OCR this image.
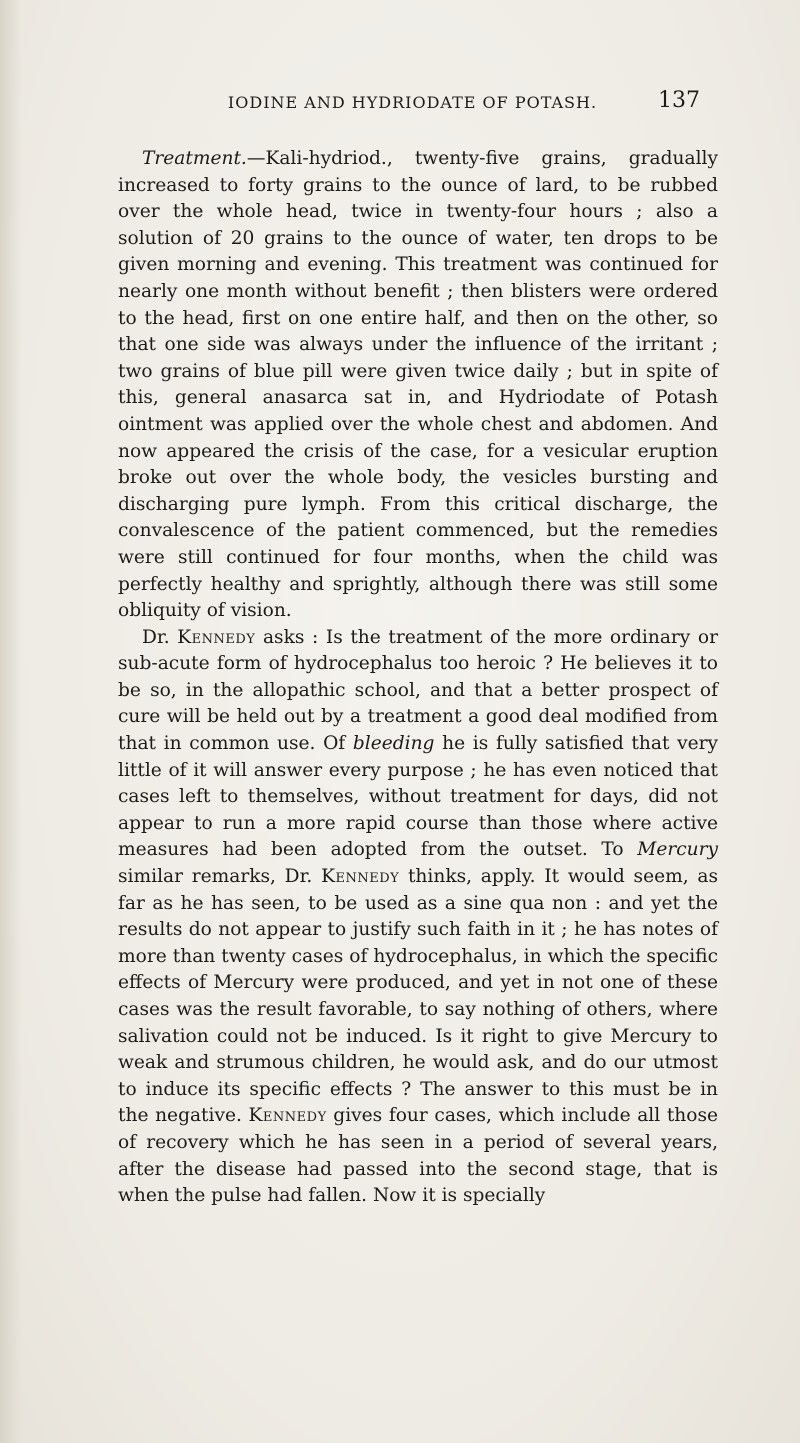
IODINE AND HYDRIODATE OF POTASH.	137

Treatment.—Kali-hydriod., twenty-five grains, gradually increased to forty grains to the ounce of lard, to be rubbed over the whole head, twice in twenty-four hours ; also a solution of 20 grains to the ounce of water, ten drops to be given morning and evening. This treatment was continued for nearly one month without benefit ; then blisters were ordered to the head, first on one entire half, and then on the other, so that one side was always under the influence of the irritant ; two grains of blue pill were given twice daily ; but in spite of this, general anasarca sat in, and Hydriodate of Potash ointment was applied over the whole chest and abdomen. And now appeared the crisis of the case, for a vesicular eruption broke out over the whole body, the vesicles bursting and discharging pure lymph. From this critical discharge, the convalescence of the patient commenced, but the remedies were still continued for four months, when the child was perfectly healthy and sprightly, although there was still some obliquity of vision.

Dr. Kennedy asks : Is the treatment of the more ordinary or sub-acute form of hydrocephalus too heroic ? He believes it to be so, in the allopathic school, and that a better prospect of cure will be held out by a treatment a good deal modified from that in common use. Of bleeding he is fully satisfied that very little of it will answer every purpose ; he has even noticed that cases left to themselves, without treatment for days, did not appear to run a more rapid course than those where active measures had been adopted from the outset. To Mercury similar remarks, Dr. Kennedy thinks, apply. It would seem, as far as he has seen, to be used as a sine qua non : and yet the results do not appear to justify such faith in it ; he has notes of more than twenty cases of hydrocephalus, in which the specific effects of Mercury were produced, and yet in not one of these cases was the result favorable, to say nothing of others, where salivation could not be induced. Is it right to give Mercury to weak and strumous children, he would ask, and do our utmost to induce its specific effects ? The answer to this must be in the negative. Kennedy gives four cases, which include all those of recovery which he has seen in a period of several years, after the disease had passed into the second stage, that is when the pulse had fallen. Now it is specially
